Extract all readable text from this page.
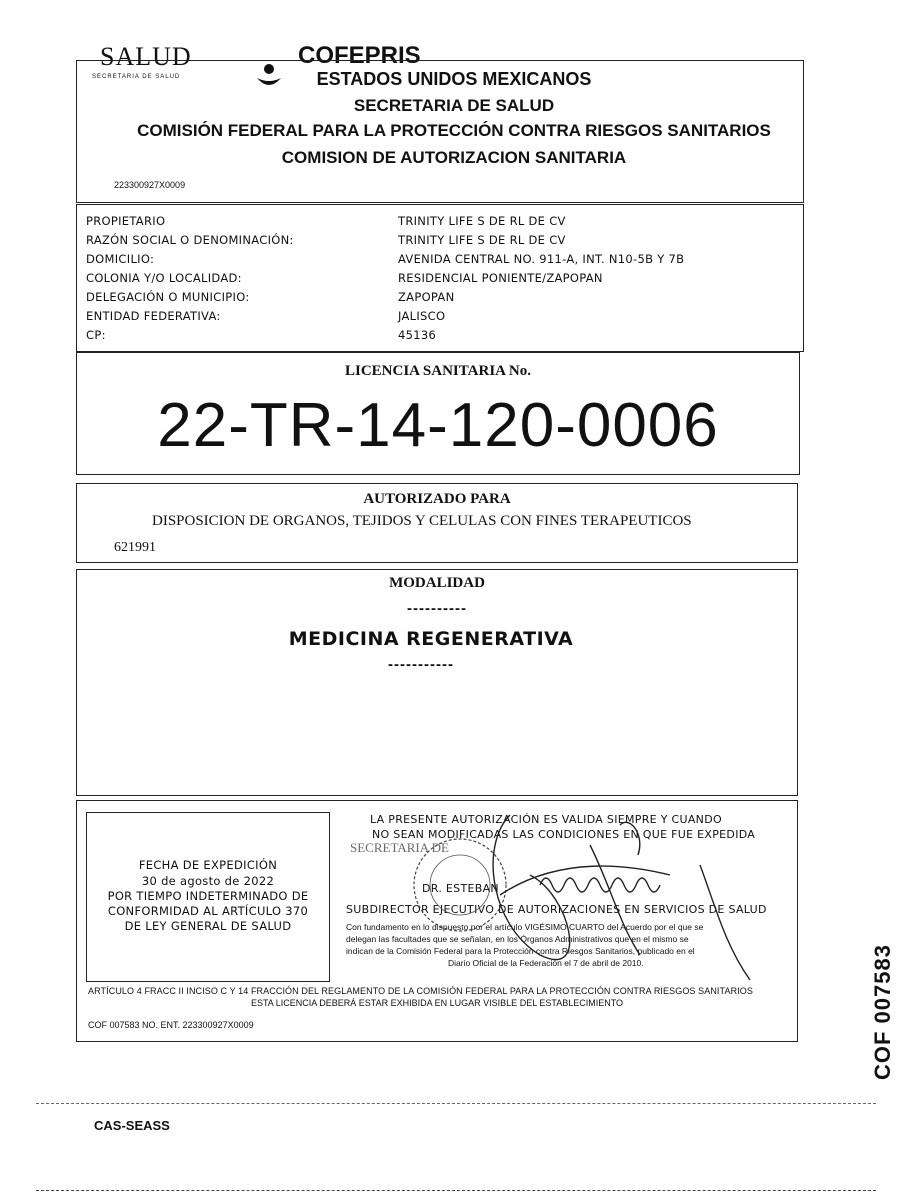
SALUD
SECRETARIA DE SALUD
COFEPRIS
ESTADOS UNIDOS MEXICANOS
SECRETARIA DE SALUD
COMISIÓN FEDERAL PARA LA PROTECCIÓN CONTRA RIESGOS SANITARIOS
COMISION DE AUTORIZACION SANITARIA
223300927X0009
PROPIETARIO	TRINITY LIFE S DE RL DE CV
RAZÓN SOCIAL O DENOMINACIÓN:	TRINITY LIFE S DE RL DE CV
DOMICILIO:	AVENIDA CENTRAL NO. 911-A, INT. N10-5B Y 7B
COLONIA Y/O LOCALIDAD:	RESIDENCIAL PONIENTE/ZAPOPAN
DELEGACIÓN O MUNICIPIO:	ZAPOPAN
ENTIDAD FEDERATIVA:	JALISCO
CP:	45136
LICENCIA SANITARIA No.
22-TR-14-120-0006
AUTORIZADO PARA
DISPOSICION DE ORGANOS, TEJIDOS Y CELULAS CON FINES TERAPEUTICOS
621991
MODALIDAD
----------
MEDICINA REGENERATIVA
-----------
FECHA DE EXPEDICIÓN
30 de agosto de 2022
POR TIEMPO INDETERMINADO DE
CONFORMIDAD AL ARTÍCULO 370
DE LEY GENERAL DE SALUD
LA PRESENTE AUTORIZACIÓN ES VALIDA SIEMPRE Y CUANDO
NO SEAN MODIFICADAS LAS CONDICIONES EN QUE FUE EXPEDIDA
DR. ESTEBAN
SUBDIRECTOR EJECUTIVO DE AUTORIZACIONES EN SERVICIOS DE SALUD
Con fundamento en lo dispuesto por el artículo VIGÉSIMO CUARTO del Acuerdo por el que se
delegan las facultades que se señalan, en los Órganos Administrativos que en el mismo se
indican de la Comisión Federal para la Protección contra Riesgos Sanitarios, publicado en el
Diario Oficial de la Federación el 7 de abril de 2010.
SECRETARIA DE
ARTÍCULO 4 FRACC II INCISO C Y 14 FRACCIÓN DEL REGLAMENTO DE LA COMISIÓN FEDERAL PARA LA PROTECCIÓN CONTRA RIESGOS SANITARIOS
ESTA LICENCIA DEBERÁ ESTAR EXHIBIDA EN LUGAR VISIBLE DEL ESTABLECIMIENTO
COF 007583 NO. ENT. 223300927X0009	COF 007583
CAS-SEASS
